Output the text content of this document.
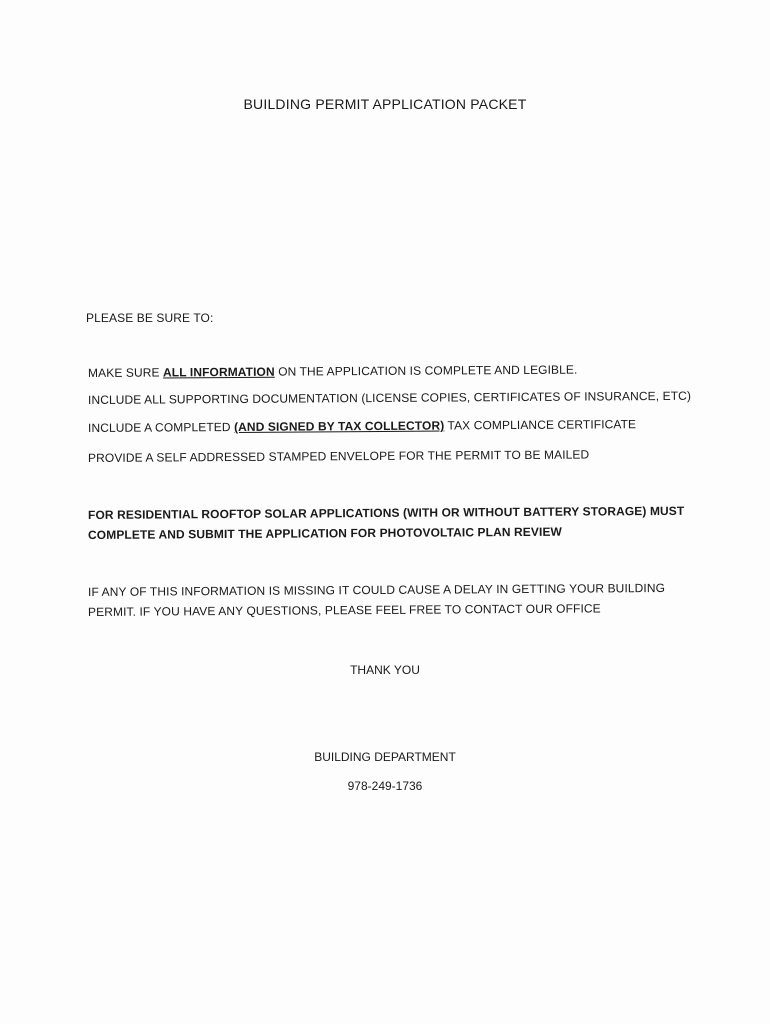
BUILDING PERMIT APPLICATION PACKET
PLEASE BE SURE TO:
MAKE SURE ALL INFORMATION ON THE APPLICATION IS COMPLETE AND LEGIBLE.
INCLUDE ALL SUPPORTING DOCUMENTATION (LICENSE COPIES, CERTIFICATES OF INSURANCE, ETC)
INCLUDE A COMPLETED (AND SIGNED BY TAX COLLECTOR) TAX COMPLIANCE CERTIFICATE
PROVIDE A SELF ADDRESSED STAMPED ENVELOPE FOR THE PERMIT TO BE MAILED
FOR RESIDENTIAL ROOFTOP SOLAR APPLICATIONS (WITH OR WITHOUT BATTERY STORAGE) MUST
COMPLETE AND SUBMIT THE APPLICATION FOR PHOTOVOLTAIC PLAN REVIEW
IF ANY OF THIS INFORMATION IS MISSING IT COULD CAUSE A DELAY IN GETTING YOUR BUILDING
PERMIT. IF YOU HAVE ANY QUESTIONS, PLEASE FEEL FREE TO CONTACT OUR OFFICE
THANK YOU
BUILDING DEPARTMENT
978-249-1736
